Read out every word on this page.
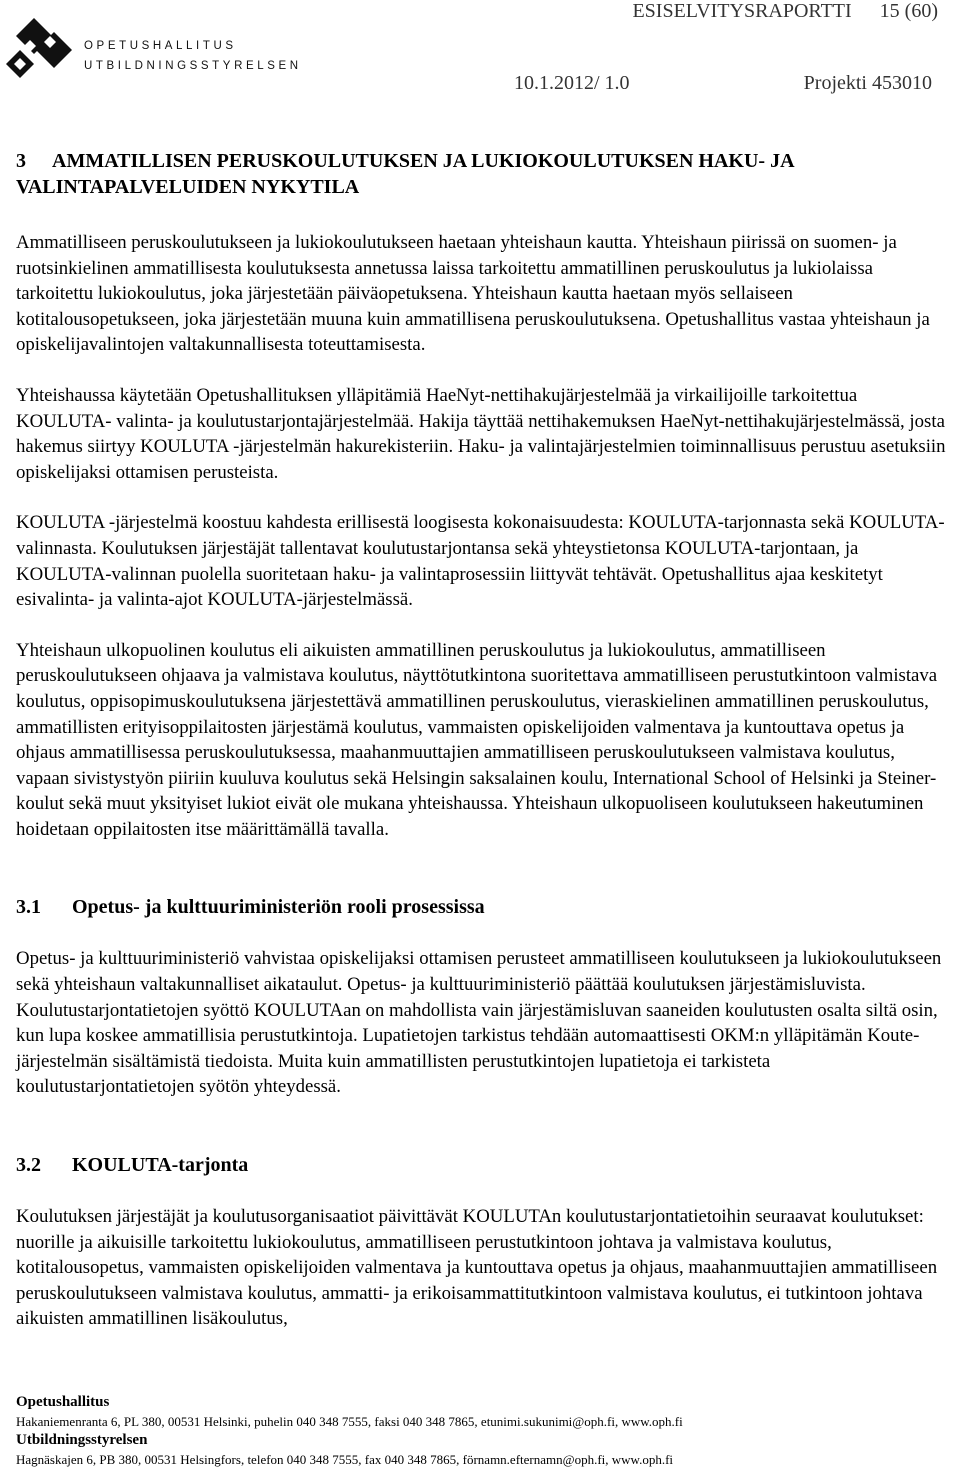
OPETUSHALLITUS
UTBILDNINGSSTYRELSEN
ESISELVITYSRAPORTTI 15 (60)
10.1.2012/ 1.0	Projekti 453010
3 AMMATILLISEN PERUSKOULUTUKSEN JA LUKIOKOULUTUKSEN HAKU- JA
VALINTAPALVELUIDEN NYKYTILA

Ammatilliseen peruskoulutukseen ja lukiokoulutukseen haetaan yhteishaun kautta. Yhteishaun piirissä on suomen- ja ruotsinkielinen ammatillisesta koulutuksesta annetussa laissa tarkoitettu ammatillinen peruskoulutus ja lukiolaissa tarkoitettu lukiokoulutus, joka järjestetään päiväopetuksena. Yhteishaun kautta haetaan myös sellaiseen kotitalousopetukseen, joka järjestetään muuna kuin ammatillisena peruskoulutuksena. Opetushallitus vastaa yhteishaun ja opiskelijavalintojen valtakunnallisesta toteuttamisesta.

Yhteishaussa käytetään Opetushallituksen ylläpitämiä HaeNyt-nettihakujärjestelmää ja virkailijoille tarkoitettua KOULUTA- valinta- ja koulutustarjontajärjestelmää. Hakija täyttää nettihakemuksen HaeNyt-nettihakujärjestelmässä, josta hakemus siirtyy KOULUTA -järjestelmän hakurekisteriin. Haku- ja valintajärjestelmien toiminnallisuus perustuu asetuksiin opiskelijaksi ottamisen perusteista.

KOULUTA -järjestelmä koostuu kahdesta erillisestä loogisesta kokonaisuudesta: KOULUTA-tarjonnasta sekä KOULUTA-valinnasta. Koulutuksen järjestäjät tallentavat koulutustarjontansa sekä yhteystietonsa KOULUTA-tarjontaan, ja KOULUTA-valinnan puolella suoritetaan haku- ja valintaprosessiin liittyvät tehtävät. Opetushallitus ajaa keskitetyt esivalinta- ja valinta-ajot KOULUTA-järjestelmässä.

Yhteishaun ulkopuolinen koulutus eli aikuisten ammatillinen peruskoulutus ja lukiokoulutus, ammatilliseen peruskoulutukseen ohjaava ja valmistava koulutus, näyttötutkintona suoritettava ammatilliseen perustutkintoon valmistava koulutus, oppisopimuskoulutuksena järjestettävä ammatillinen peruskoulutus, vieraskielinen ammatillinen peruskoulutus, ammatillisten erityisoppilaitosten järjestämä koulutus, vammaisten opiskelijoiden valmentava ja kuntouttava opetus ja ohjaus ammatillisessa peruskoulutuksessa, maahanmuuttajien ammatilliseen peruskoulutukseen valmistava koulutus, vapaan sivistystyön piiriin kuuluva koulutus sekä Helsingin saksalainen koulu, International School of Helsinki ja Steiner-koulut sekä muut yksityiset lukiot eivät ole mukana yhteishaussa. Yhteishaun ulkopuoliseen koulutukseen hakeutuminen hoidetaan oppilaitosten itse määrittämällä tavalla.

3.1 Opetus- ja kulttuuriministeriön rooli prosessissa

Opetus- ja kulttuuriministeriö vahvistaa opiskelijaksi ottamisen perusteet ammatilliseen koulutukseen ja lukiokoulutukseen sekä yhteishaun valtakunnalliset aikataulut. Opetus- ja kulttuuriministeriö päättää koulutuksen järjestämisluvista. Koulutustarjontatietojen syöttö KOULUTAan on mahdollista vain järjestämisluvan saaneiden koulutusten osalta siltä osin, kun lupa koskee ammatillisia perustutkintoja. Lupatietojen tarkistus tehdään automaattisesti OKM:n ylläpitämän Koute-järjestelmän sisältämistä tiedoista. Muita kuin ammatillisten perustutkintojen lupatietoja ei tarkisteta koulutustarjontatietojen syötön yhteydessä.

3.2 KOULUTA-tarjonta

Koulutuksen järjestäjät ja koulutusorganisaatiot päivittävät KOULUTAn koulutustarjontatietoihin seuraavat koulutukset: nuorille ja aikuisille tarkoitettu lukiokoulutus, ammatilliseen perustutkintoon johtava ja valmistava koulutus, kotitalousopetus, vammaisten opiskelijoiden valmentava ja kuntouttava opetus ja ohjaus, maahanmuuttajien ammatilliseen peruskoulutukseen valmistava koulutus, ammatti- ja erikoisammattitutkintoon valmistava koulutus, ei tutkintoon johtava aikuisten ammatillinen lisäkoulutus,

Opetushallitus
Hakaniemenranta 6, PL 380, 00531 Helsinki, puhelin 040 348 7555, faksi 040 348 7865, etunimi.sukunimi@oph.fi, www.oph.fi
Utbildningsstyrelsen
Hagnäskajen 6, PB 380, 00531 Helsingfors, telefon 040 348 7555, fax 040 348 7865, förnamn.efternamn@oph.fi, www.oph.fi
